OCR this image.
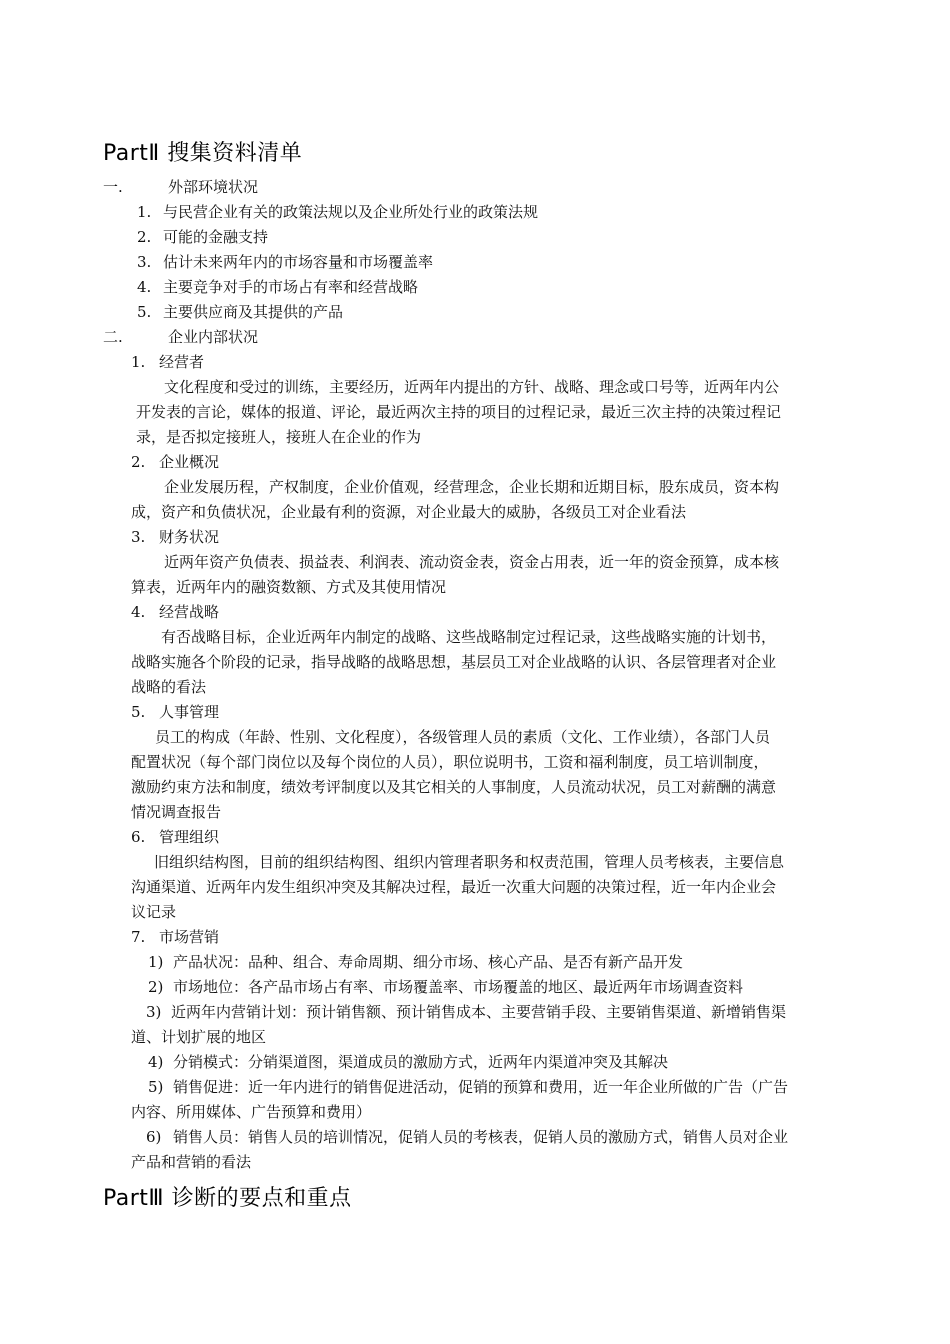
PartⅡ 搜集资料清单
一.	外部环境状况
1. 与民营企业有关的政策法规以及企业所处行业的政策法规
2. 可能的金融支持
3. 估计未来两年内的市场容量和市场覆盖率
4. 主要竞争对手的市场占有率和经营战略
5. 主要供应商及其提供的产品
二.	企业内部状况
1. 经营者
文化程度和受过的训练，主要经历，近两年内提出的方针、战略、理念或口号等，近两年内公
开发表的言论，媒体的报道、评论，最近两次主持的项目的过程记录，最近三次主持的决策过程记
录，是否拟定接班人，接班人在企业的作为
2. 企业概况
企业发展历程，产权制度，企业价值观，经营理念，企业长期和近期目标，股东成员，资本构
成，资产和负债状况，企业最有利的资源，对企业最大的威胁，各级员工对企业看法
3. 财务状况
近两年资产负债表、损益表、利润表、流动资金表，资金占用表，近一年的资金预算，成本核
算表，近两年内的融资数额、方式及其使用情况
4. 经营战略
有否战略目标，企业近两年内制定的战略、这些战略制定过程记录，这些战略实施的计划书，
战略实施各个阶段的记录，指导战略的战略思想，基层员工对企业战略的认识、各层管理者对企业
战略的看法
5. 人事管理
员工的构成（年龄、性别、文化程度），各级管理人员的素质（文化、工作业绩），各部门人员
配置状况（每个部门岗位以及每个岗位的人员），职位说明书，工资和福利制度，员工培训制度，
激励约束方法和制度，绩效考评制度以及其它相关的人事制度，人员流动状况，员工对薪酬的满意
情况调查报告
6. 管理组织
旧组织结构图，目前的组织结构图、组织内管理者职务和权责范围，管理人员考核表，主要信息
沟通渠道、近两年内发生组织冲突及其解决过程，最近一次重大问题的决策过程，近一年内企业会
议记录
7. 市场营销
1) 产品状况：品种、组合、寿命周期、细分市场、核心产品、是否有新产品开发
2) 市场地位：各产品市场占有率、市场覆盖率、市场覆盖的地区、最近两年市场调查资料
3) 近两年内营销计划：预计销售额、预计销售成本、主要营销手段、主要销售渠道、新增销售渠
道、计划扩展的地区
4) 分销模式：分销渠道图，渠道成员的激励方式，近两年内渠道冲突及其解决
5) 销售促进：近一年内进行的销售促进活动，促销的预算和费用，近一年企业所做的广告（广告
内容、所用媒体、广告预算和费用）
6) 销售人员：销售人员的培训情况，促销人员的考核表，促销人员的激励方式，销售人员对企业
产品和营销的看法
PartⅢ 诊断的要点和重点
